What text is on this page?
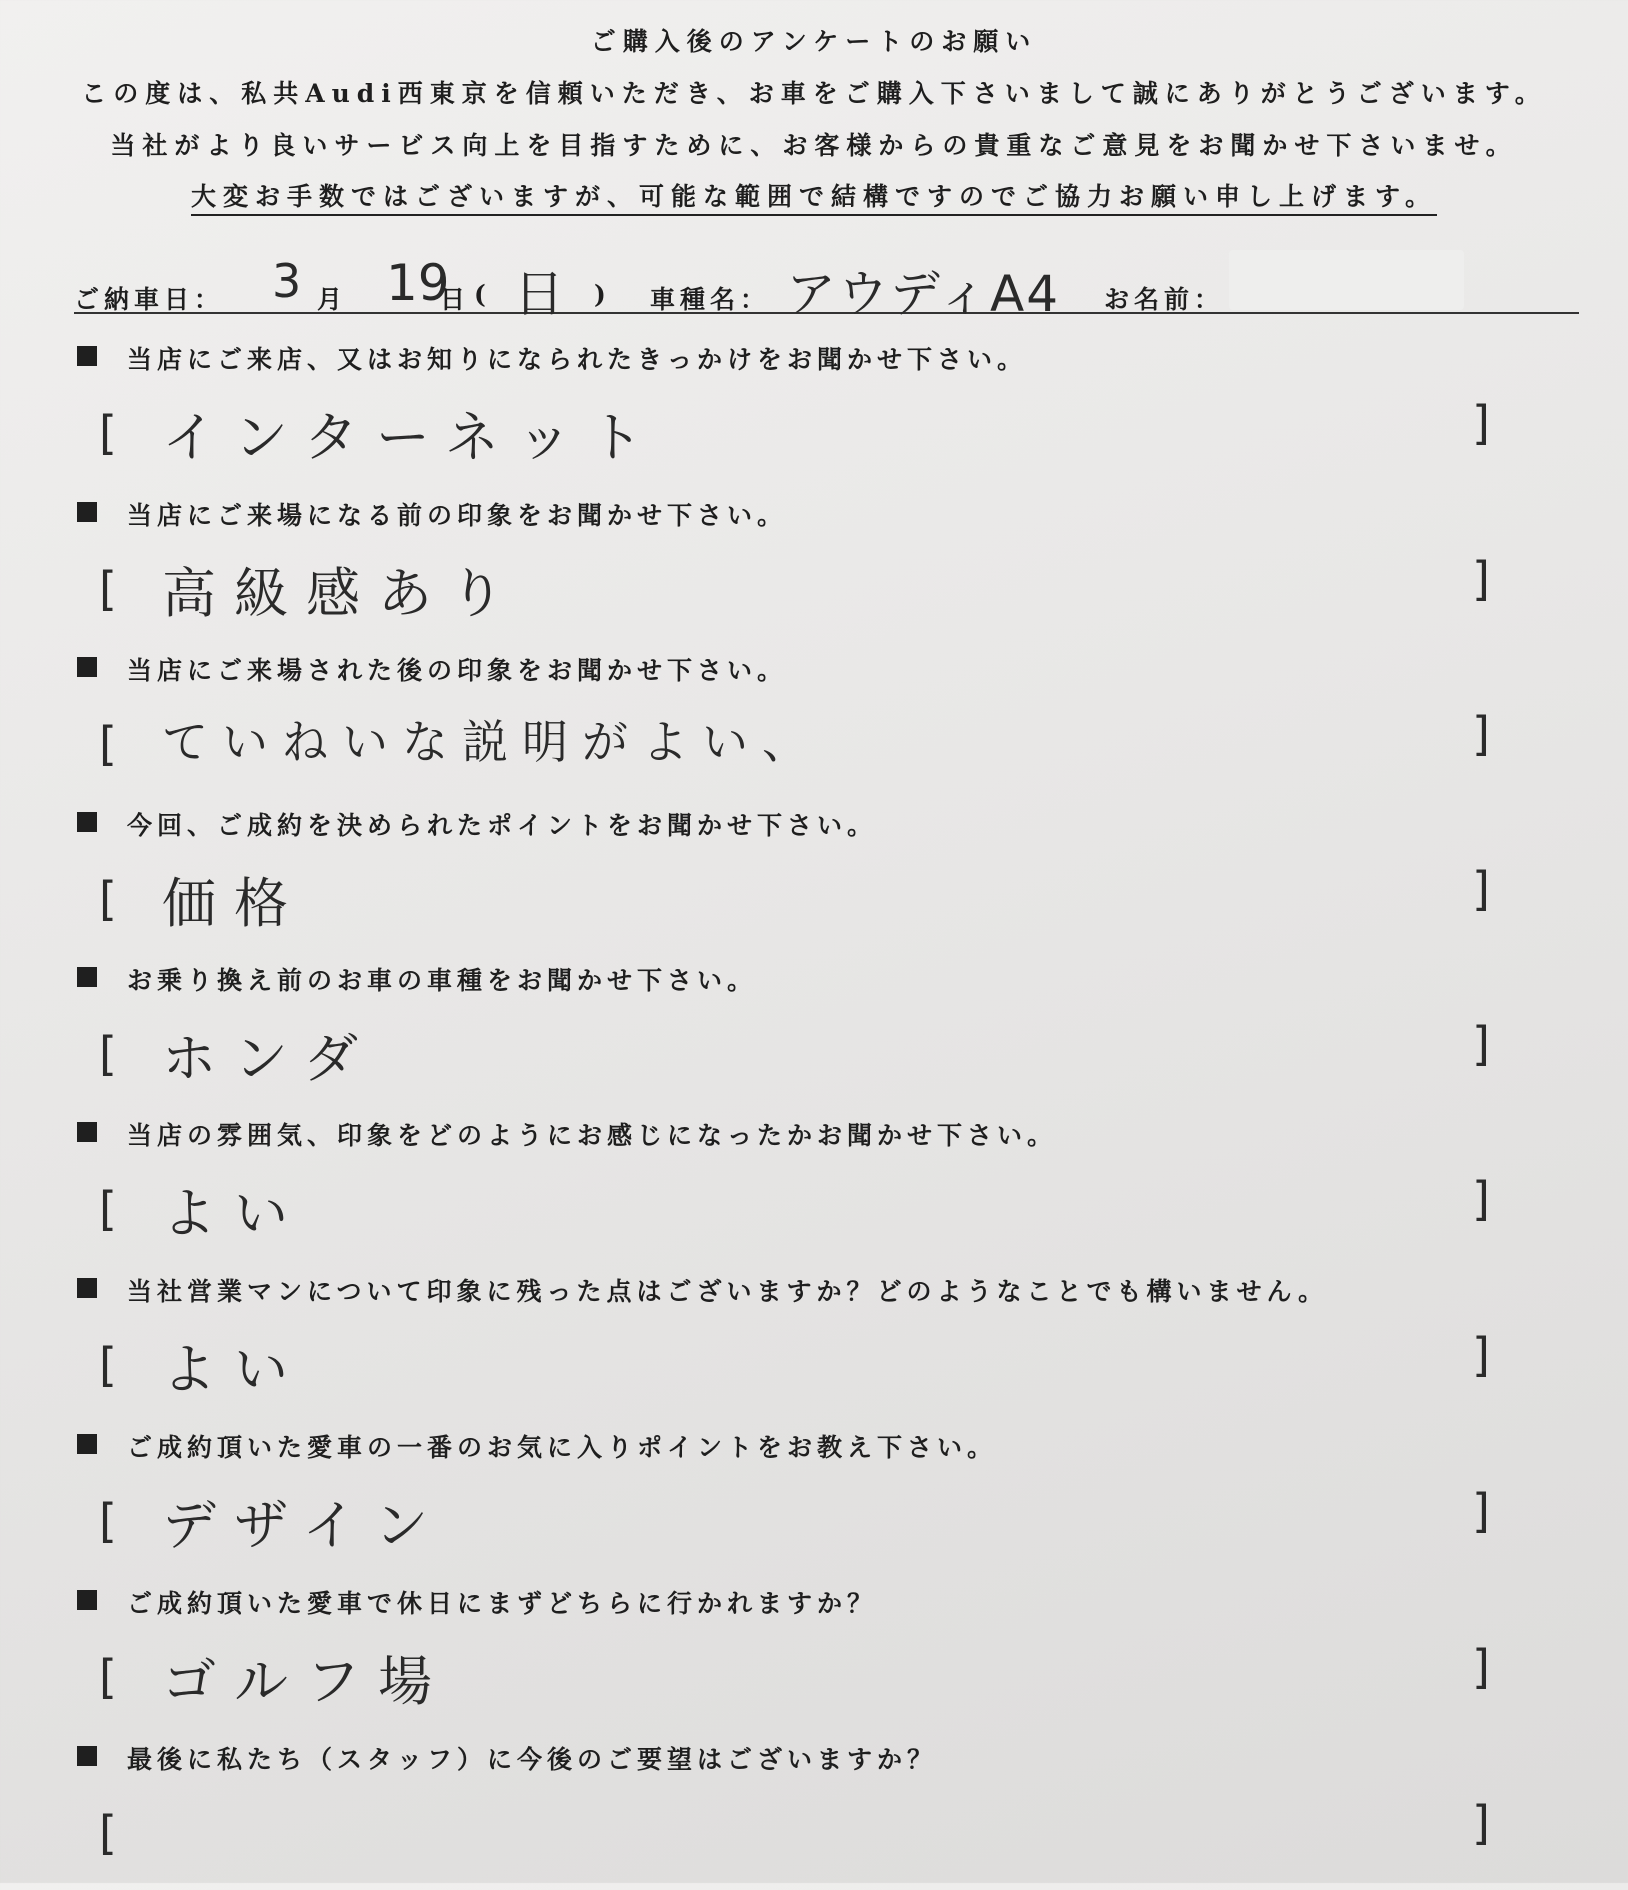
ご購入後のアンケートのお願い
この度は、私共Audi西東京を信頼いただき、お車をご購入下さいまして誠にありがとうございます。
当社がより良いサービス向上を目指すために、お客様からの貴重なご意見をお聞かせ下さいませ。
大変お手数ではございますが、可能な範囲で結構ですのでご協力お願い申し上げます。
ご納車日： 3 月 19
日 ( 日 ) 車種名： アウディA4 お名前：
当店にご来店、又はお知りになられたきっかけをお聞かせ下さい。
[ インターネット	]
当店にご来場になる前の印象をお聞かせ下さい。
[ 高級感あり	]
当店にご来場された後の印象をお聞かせ下さい。
[ ていねいな説明がよい、	]
今回、ご成約を決められたポイントをお聞かせ下さい。
[ 価格	]
お乗り換え前のお車の車種をお聞かせ下さい。
[ ホンダ	]
当店の雰囲気、印象をどのようにお感じになったかお聞かせ下さい。
[ よい	]
当社営業マンについて印象に残った点はございますか？どのようなことでも構いません。
[ よい	]
ご成約頂いた愛車の一番のお気に入りポイントをお教え下さい。
[ デザイン	]
ご成約頂いた愛車で休日にまずどちらに行かれますか？
[ ゴルフ場	]
最後に私たち（スタッフ）に今後のご要望はございますか？
[	]
